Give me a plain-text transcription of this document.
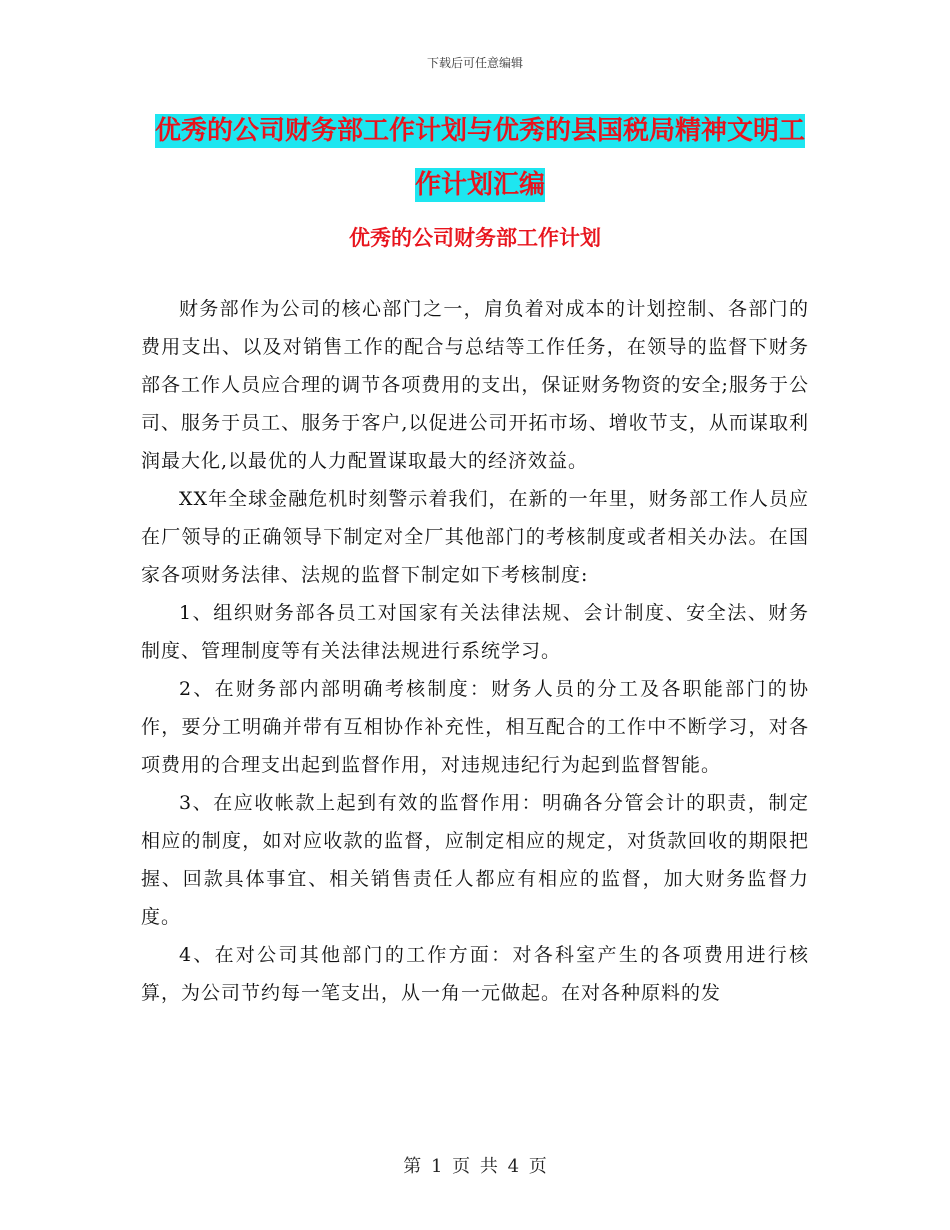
下载后可任意编辑
优秀的公司财务部工作计划与优秀的县国税局精神文明工作计划汇编
优秀的公司财务部工作计划

财务部作为公司的核心部门之一，肩负着对成本的计划控制、各部门的费用支出、以及对销售工作的配合与总结等工作任务，在领导的监督下财务部各工作人员应合理的调节各项费用的支出，保证财务物资的安全;服务于公司、服务于员工、服务于客户,以促进公司开拓市场、增收节支，从而谋取利润最大化,以最优的人力配置谋取最大的经济效益。

XX年全球金融危机时刻警示着我们，在新的一年里，财务部工作人员应在厂领导的正确领导下制定对全厂其他部门的考核制度或者相关办法。在国家各项财务法律、法规的监督下制定如下考核制度:

1、组织财务部各员工对国家有关法律法规、会计制度、安全法、财务制度、管理制度等有关法律法规进行系统学习。

2、在财务部内部明确考核制度：财务人员的分工及各职能部门的协作，要分工明确并带有互相协作补充性，相互配合的工作中不断学习，对各项费用的合理支出起到监督作用，对违规违纪行为起到监督智能。

3、在应收帐款上起到有效的监督作用：明确各分管会计的职责，制定相应的制度，如对应收款的监督，应制定相应的规定，对货款回收的期限把握、回款具体事宜、相关销售责任人都应有相应的监督，加大财务监督力度。

4、在对公司其他部门的工作方面：对各科室产生的各项费用进行核算，为公司节约每一笔支出，从一角一元做起。在对各种原料的发

第 1 页 共 4 页
